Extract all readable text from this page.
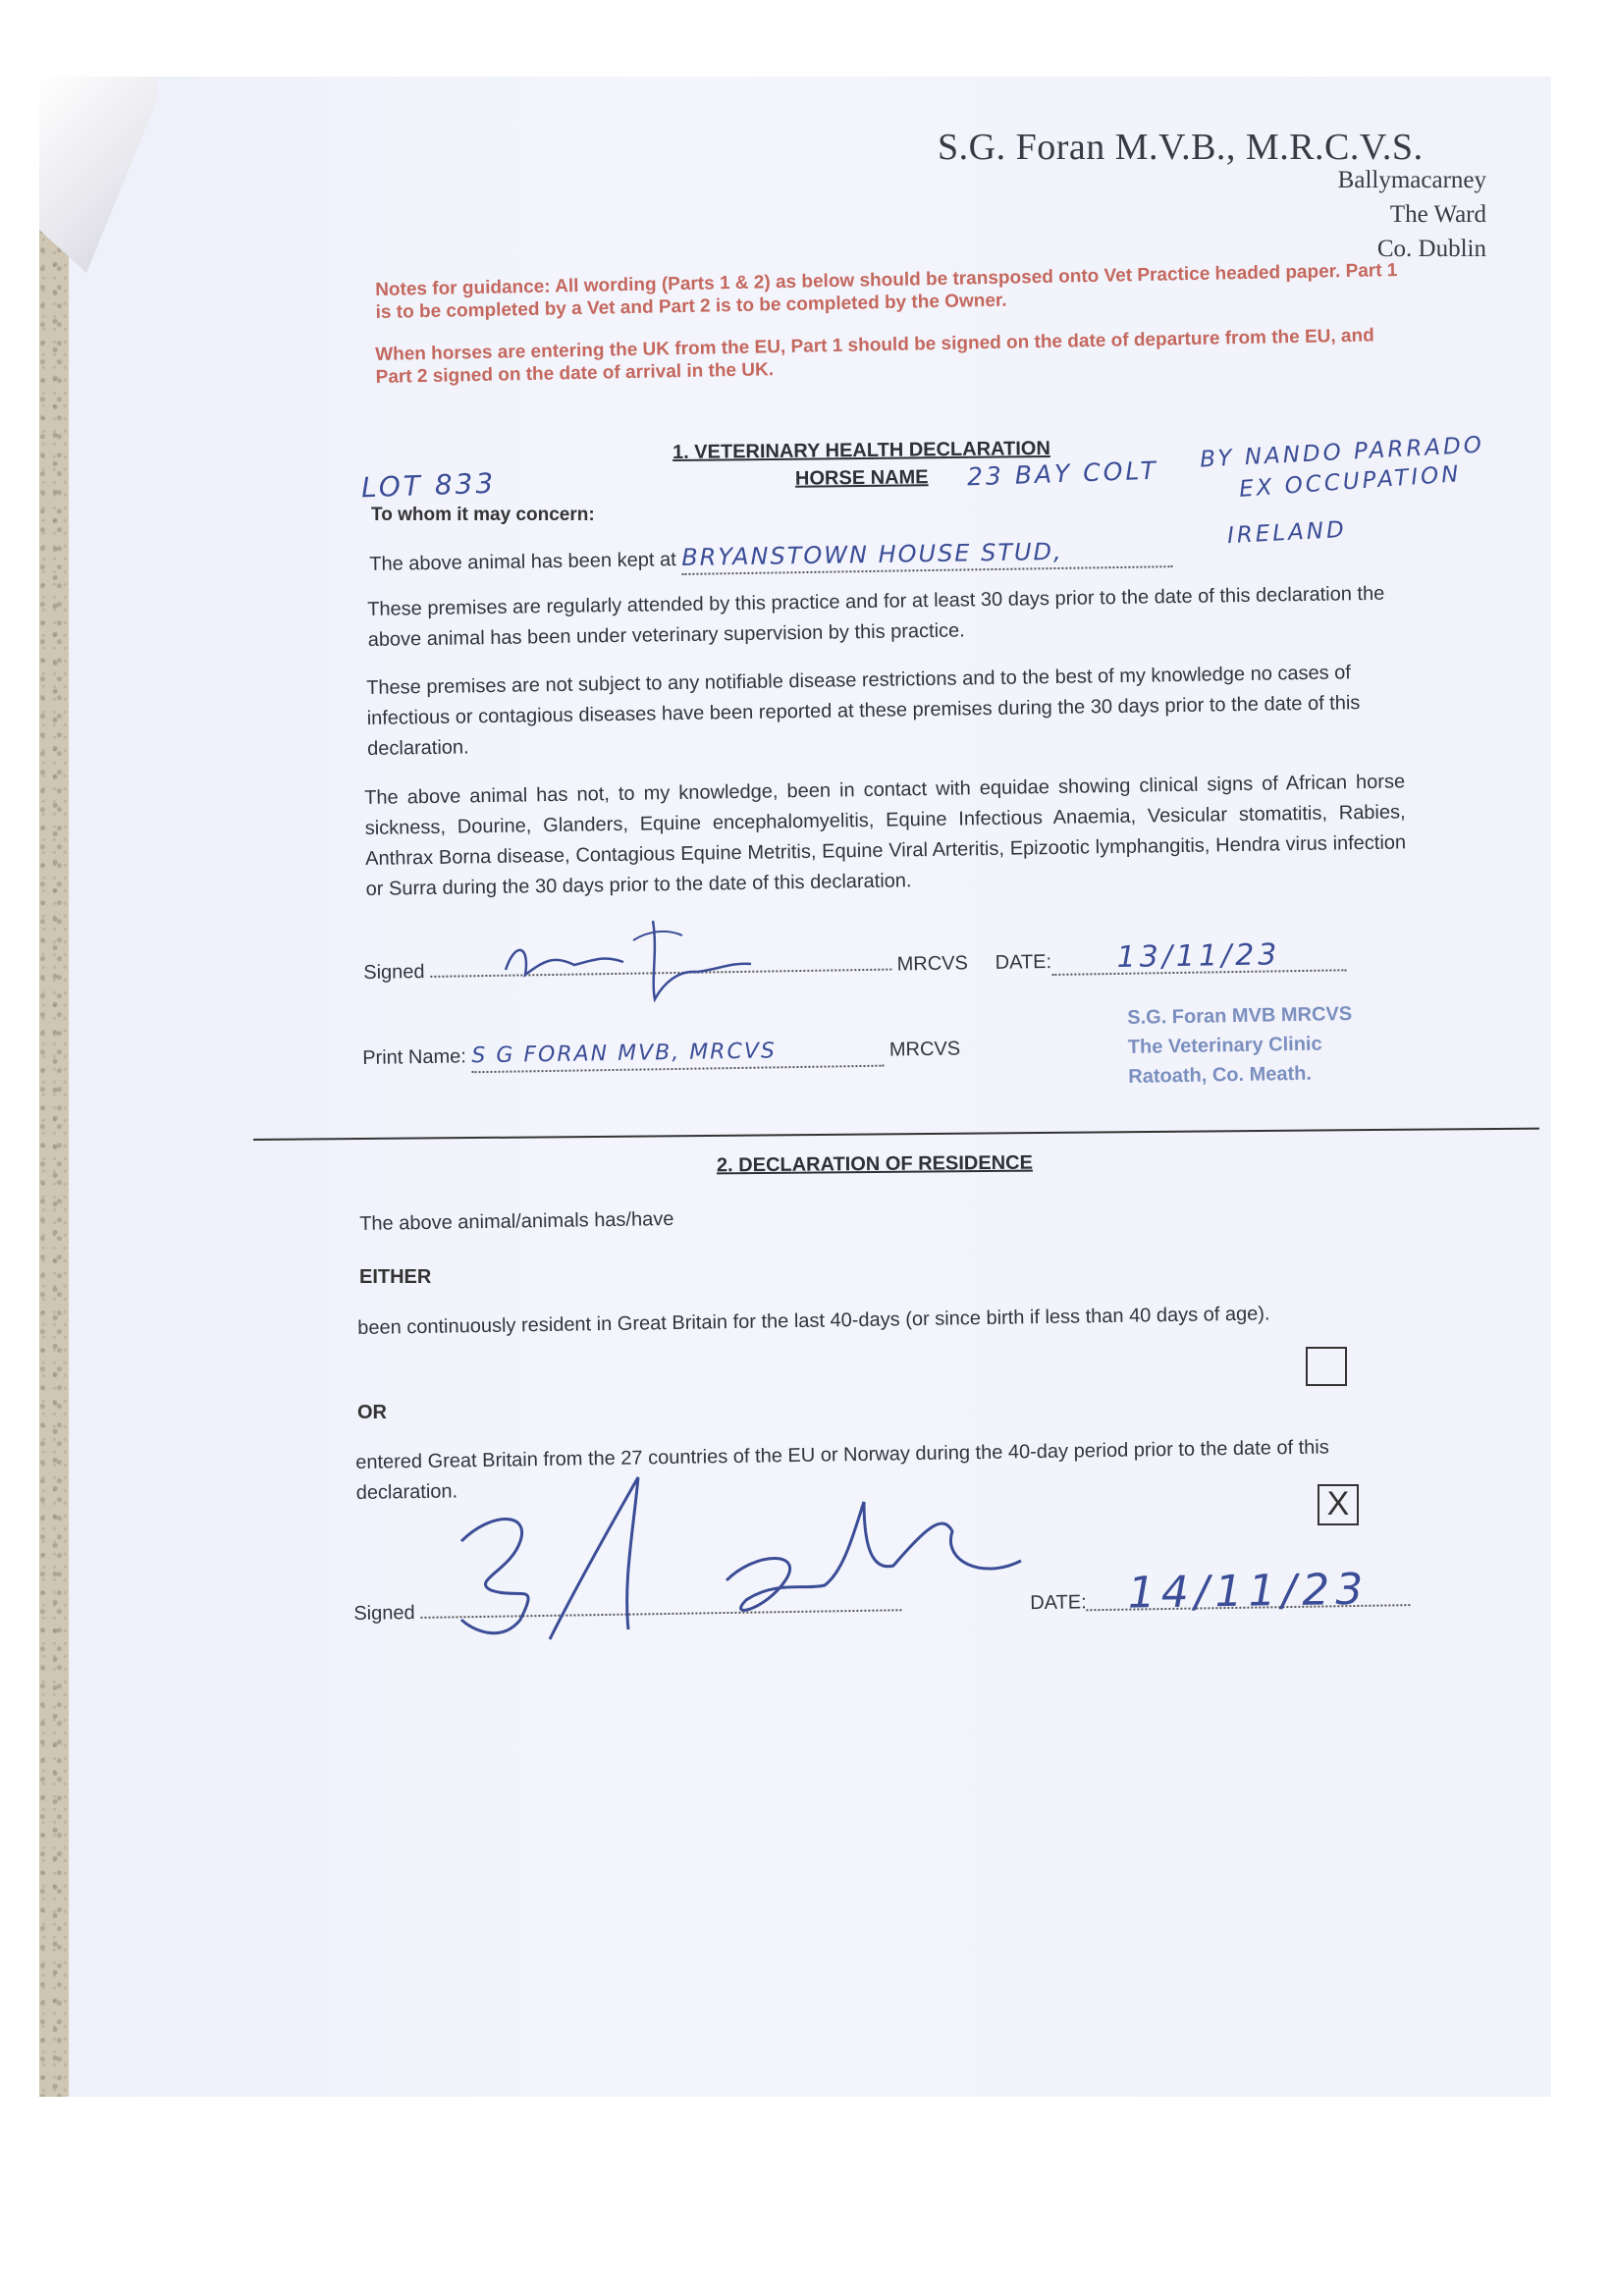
S.G. Foran M.V.B., M.R.C.V.S.
Ballymacarney
The Ward
Co. Dublin
Notes for guidance: All wording (Parts 1 & 2) as below should be transposed onto Vet Practice headed paper. Part 1 is to be completed by a Vet and Part 2 is to be completed by the Owner.
When horses are entering the UK from the EU, Part 1 should be signed on the date of departure from the EU, and Part 2 signed on the date of arrival in the UK.
1. VETERINARY HEALTH DECLARATION
HORSE NAME 23 BAY COLT
BY NANDO PARRADO
EX OCCUPATION
LOT 833
To whom it may concern:
The above animal has been kept at BRYANSTOWN HOUSE STUD,
IRELAND
These premises are regularly attended by this practice and for at least 30 days prior to the date of this declaration the above animal has been under veterinary supervision by this practice.
These premises are not subject to any notifiable disease restrictions and to the best of my knowledge no cases of infectious or contagious diseases have been reported at these premises during the 30 days prior to the date of this declaration.
The above animal has not, to my knowledge, been in contact with equidae showing clinical signs of African horse sickness, Dourine, Glanders, Equine encephalomyelitis, Equine Infectious Anaemia, Vesicular stomatitis, Rabies, Anthrax Borna disease, Contagious Equine Metritis, Equine Viral Arteritis, Epizootic lymphangitis, Hendra virus infection or Surra during the 30 days prior to the date of this declaration.
Signed	MRCVS DATE: 13/11/23
Print Name: S G FORAN MVB, MRCVS	MRCVS
S.G. Foran MVB MRCVS
The Veterinary Clinic
Ratoath, Co. Meath.
2. DECLARATION OF RESIDENCE
The above animal/animals has/have
EITHER
been continuously resident in Great Britain for the last 40-days (or since birth if less than 40 days of age).
OR
entered Great Britain from the 27 countries of the EU or Norway during the 40-day period prior to the date of this declaration.	X
Signed	DATE: 14/11/23
